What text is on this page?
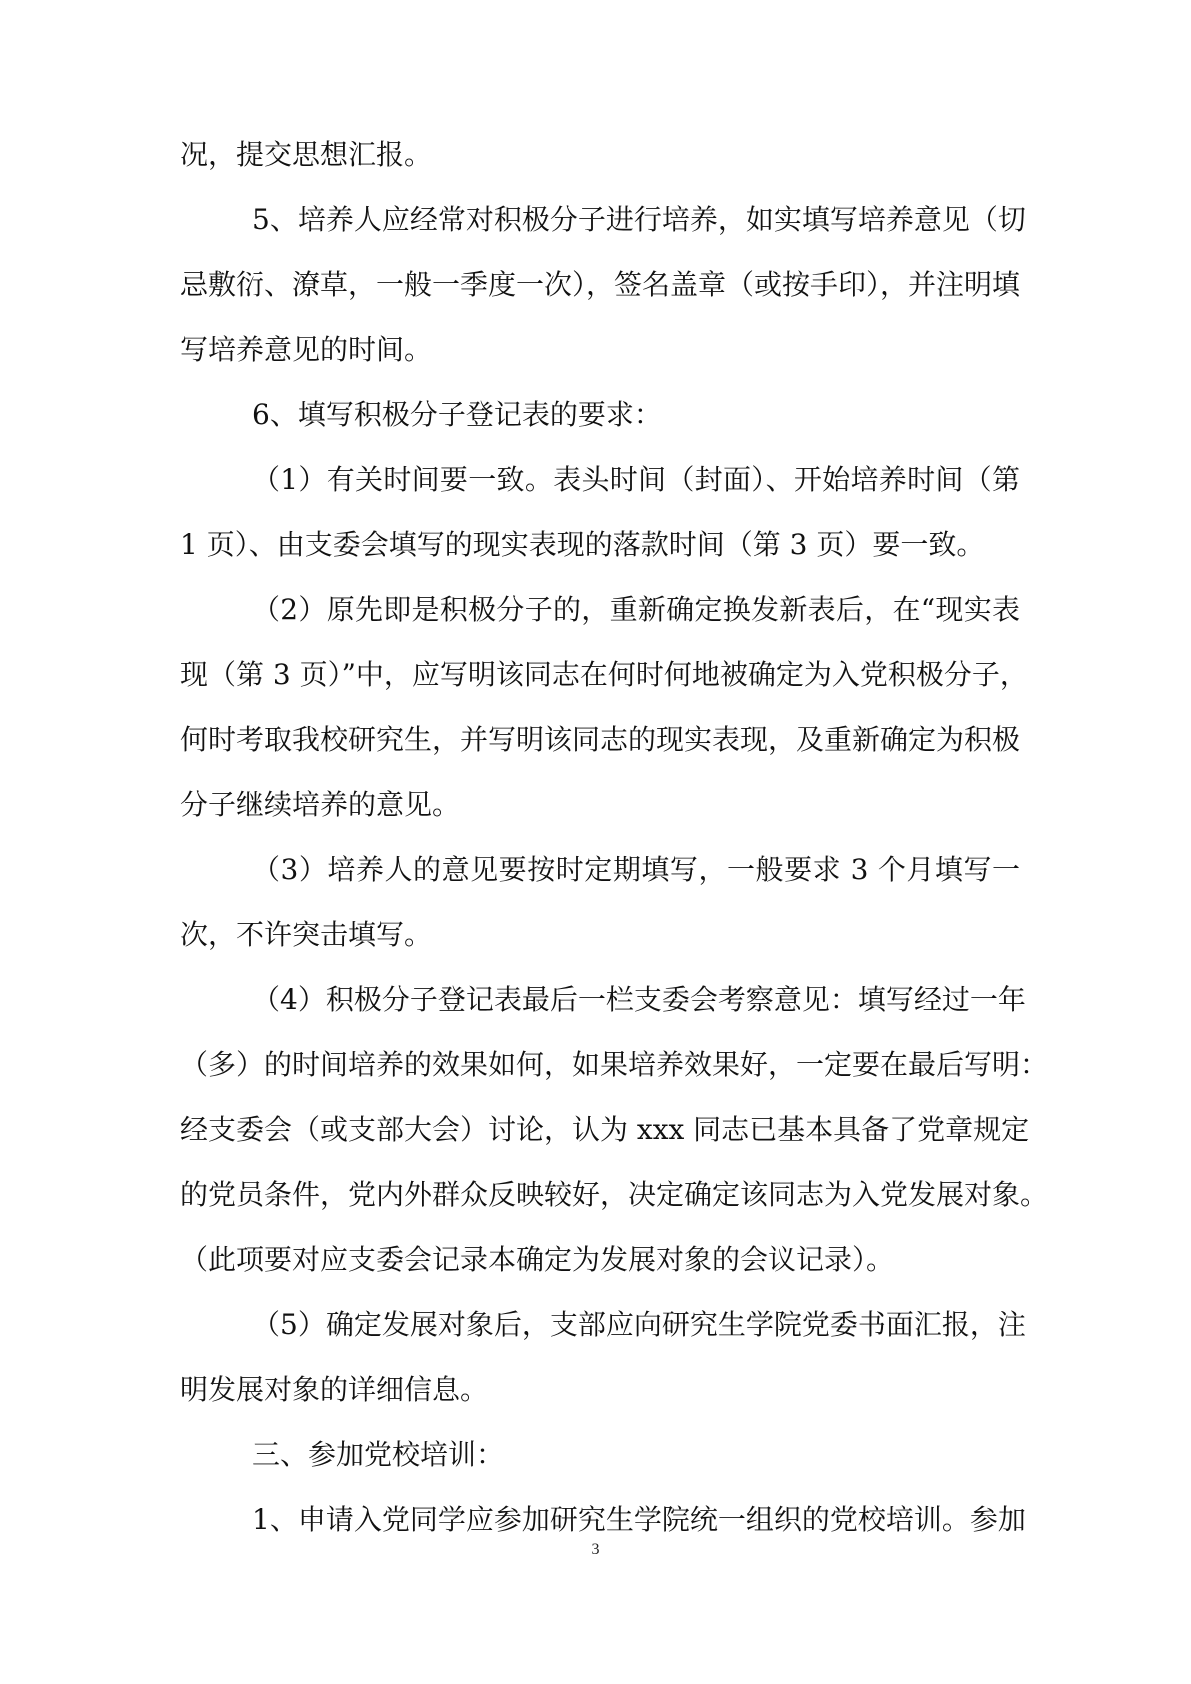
况，提交思想汇报。
5、培养人应经常对积极分子进行培养，如实填写培养意见（切
忌敷衍、潦草，一般一季度一次），签名盖章（或按手印），并注明填
写培养意见的时间。
6、填写积极分子登记表的要求：
（1）有关时间要一致。表头时间（封面）、开始培养时间（第
1 页）、由支委会填写的现实表现的落款时间（第 3 页）要一致。
（2）原先即是积极分子的，重新确定换发新表后，在“现实表
现（第 3 页）”中，应写明该同志在何时何地被确定为入党积极分子，
何时考取我校研究生，并写明该同志的现实表现，及重新确定为积极
分子继续培养的意见。
（3）培养人的意见要按时定期填写，一般要求 3 个月填写一
次，不许突击填写。
（4）积极分子登记表最后一栏支委会考察意见：填写经过一年
（多）的时间培养的效果如何，如果培养效果好，一定要在最后写明：
经支委会（或支部大会）讨论，认为 xxx 同志已基本具备了党章规定
的党员条件，党内外群众反映较好，决定确定该同志为入党发展对象。
（此项要对应支委会记录本确定为发展对象的会议记录）。
（5）确定发展对象后，支部应向研究生学院党委书面汇报，注
明发展对象的详细信息。
三、参加党校培训：
1、申请入党同学应参加研究生学院统一组织的党校培训。参加
3
